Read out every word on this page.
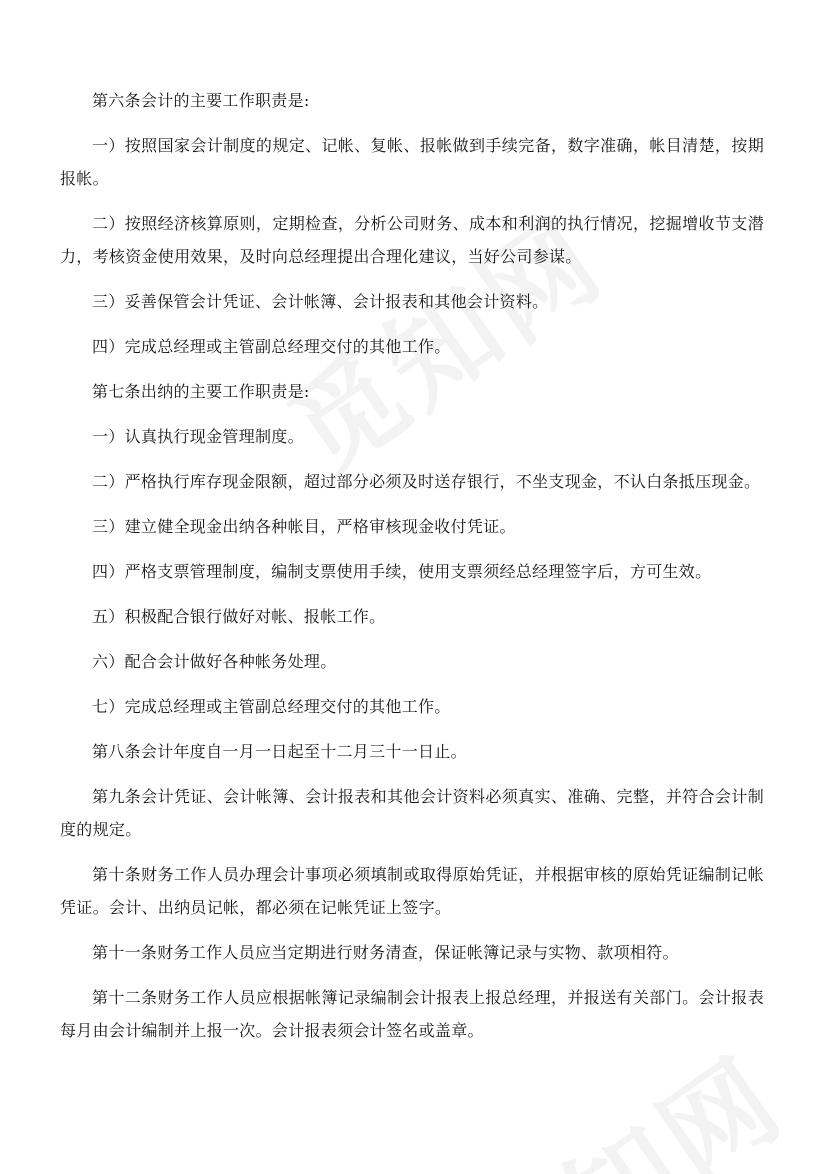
第六条会计的主要工作职责是:

一）按照国家会计制度的规定、记帐、复帐、报帐做到手续完备，数字准确，帐目清楚，按期报帐。

二）按照经济核算原则，定期检查，分析公司财务、成本和利润的执行情况，挖掘增收节支潜力，考核资金使用效果，及时向总经理提出合理化建议，当好公司参谋。

三）妥善保管会计凭证、会计帐簿、会计报表和其他会计资料。

四）完成总经理或主管副总经理交付的其他工作。

第七条出纳的主要工作职责是:

一）认真执行现金管理制度。

二）严格执行库存现金限额，超过部分必须及时送存银行，不坐支现金，不认白条抵压现金。

三）建立健全现金出纳各种帐目，严格审核现金收付凭证。

四）严格支票管理制度，编制支票使用手续，使用支票须经总经理签字后，方可生效。

五）积极配合银行做好对帐、报帐工作。

六）配合会计做好各种帐务处理。

七）完成总经理或主管副总经理交付的其他工作。

第八条会计年度自一月一日起至十二月三十一日止。

第九条会计凭证、会计帐簿、会计报表和其他会计资料必须真实、准确、完整，并符合会计制度的规定。

第十条财务工作人员办理会计事项必须填制或取得原始凭证，并根据审核的原始凭证编制记帐凭证。会计、出纳员记帐，都必须在记帐凭证上签字。

第十一条财务工作人员应当定期进行财务清查，保证帐簿记录与实物、款项相符。

第十二条财务工作人员应根据帐簿记录编制会计报表上报总经理，并报送有关部门。会计报表每月由会计编制并上报一次。会计报表须会计签名或盖章。
